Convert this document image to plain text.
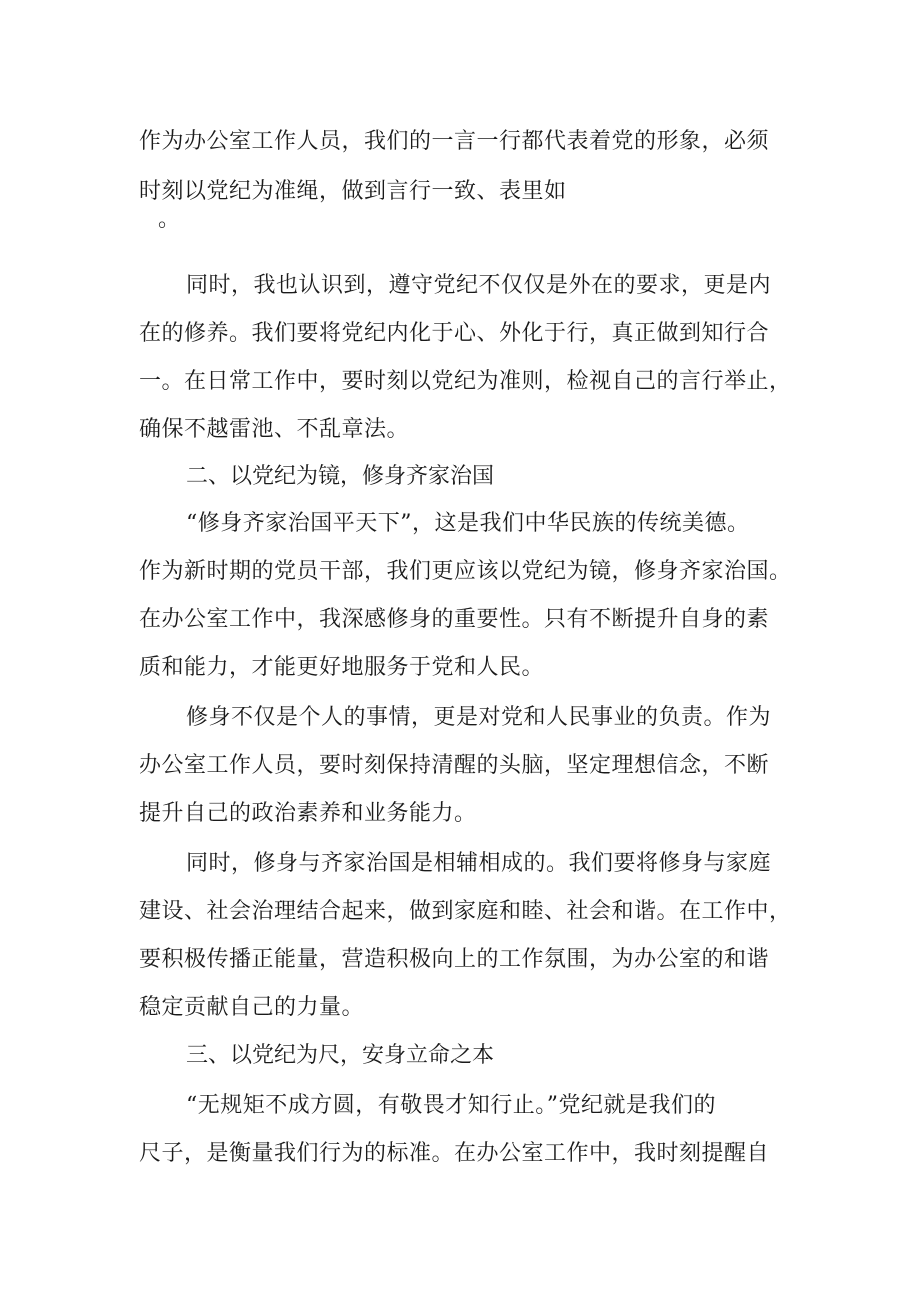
作为办公室工作人员，我们的一言一行都代表着党的形象，必须
时刻以党纪为准绳，做到言行一致、表里如
。
同时，我也认识到，遵守党纪不仅仅是外在的要求，更是内
在的修养。我们要将党纪内化于心、外化于行，真正做到知行合
一。在日常工作中，要时刻以党纪为准则，检视自己的言行举止，
确保不越雷池、不乱章法。
二、以党纪为镜，修身齐家治国
“修身齐家治国平天下”，这是我们中华民族的传统美德。
作为新时期的党员干部，我们更应该以党纪为镜，修身齐家治国。
在办公室工作中，我深感修身的重要性。只有不断提升自身的素
质和能力，才能更好地服务于党和人民。
修身不仅是个人的事情，更是对党和人民事业的负责。作为
办公室工作人员，要时刻保持清醒的头脑，坚定理想信念，不断
提升自己的政治素养和业务能力。
同时，修身与齐家治国是相辅相成的。我们要将修身与家庭
建设、社会治理结合起来，做到家庭和睦、社会和谐。在工作中，
要积极传播正能量，营造积极向上的工作氛围，为办公室的和谐
稳定贡献自己的力量。
三、以党纪为尺，安身立命之本
“无规矩不成方圆，有敬畏才知行止。”党纪就是我们的
尺子，是衡量我们行为的标准。在办公室工作中，我时刻提醒自
